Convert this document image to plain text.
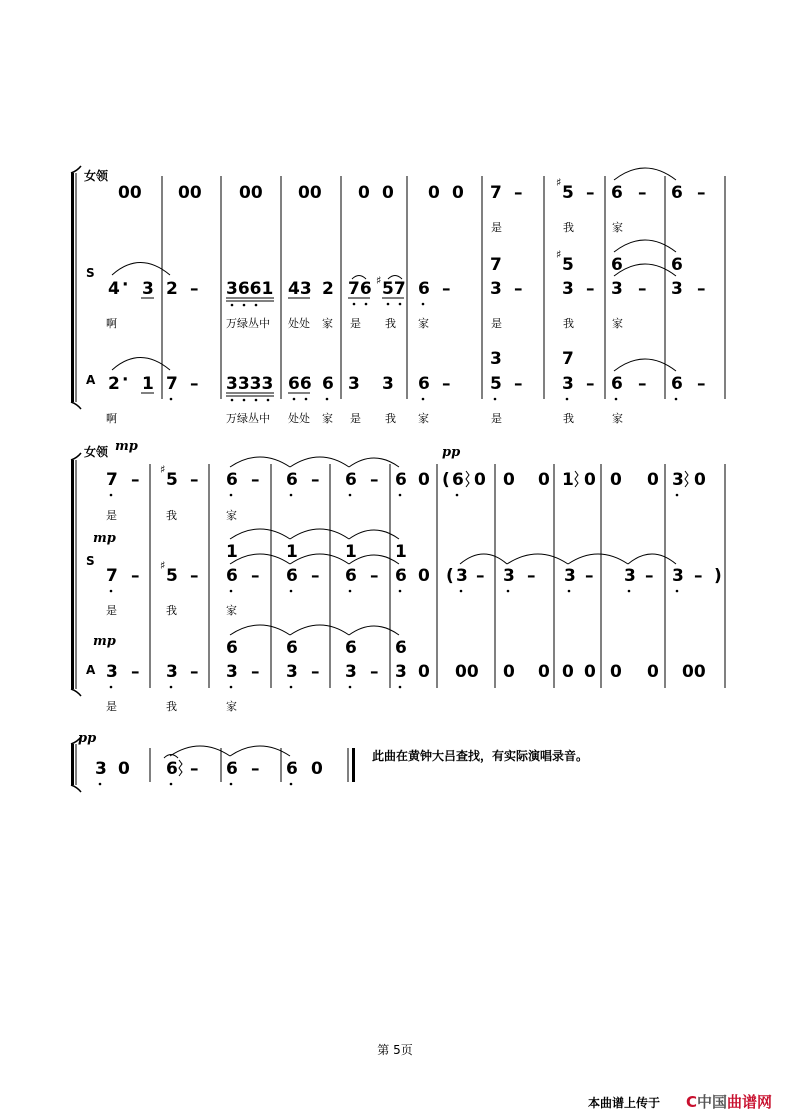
女领
S
A
00 00 00 00 0 0 0 0 7 –
♯
5 – 6 – 6 –
是	我	家
7
♯
5 6	6
4 · 3 2 – 3661 43 2 76 ♯ 57 6 – 3 – 3 – 3 – 3 –
啊	万绿丛中 处处 家 是 我 家	是	我	家
3	7
2 · 1 7 – 3333 66 6 3 3 6 – 5 – 3 – 6 – 6 –
啊	万绿丛中 处处 家 是 我 家	是	我	家
女领 mp	pp
S
mp
A
mp
7 –
♯
5 – 6 – 6 – 6 – 6 0 ( 6 0 0 0 1 0 0 0 3 0
是	我	家
1	1	1 1
7 –
♯
5 – 6 – 6 – 6 – 6 0 ( 3 – 3 – 3 – 3 – 3 – )
是	我	家
6	6	6 6
3 – 3 – 3 – 3 – 3 – 3 0 00 0 0 0 0 0 0 00
是	我	家
pp
3 0 6 – 6 – 6 0
此曲在黄钟大吕查找，有实际演唱录音。
第 5页
本曲谱上传于 C中国曲谱网
